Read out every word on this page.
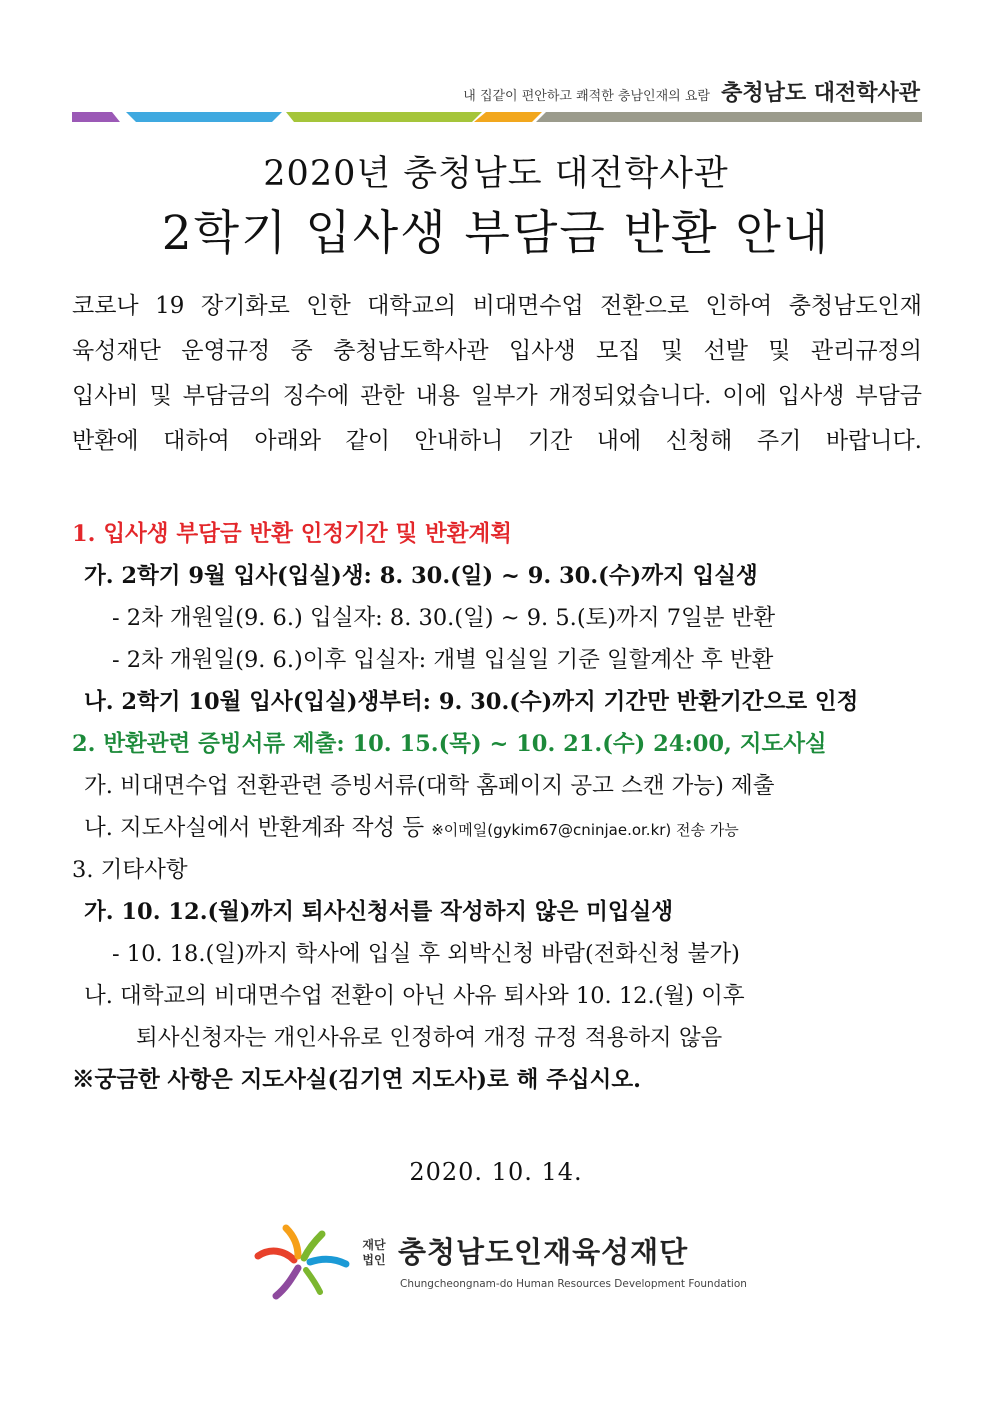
내 집같이 편안하고 쾌적한 충남인재의 요람 충청남도 대전학사관
2020년 충청남도 대전학사관
2학기 입사생 부담금 반환 안내
코로나 19 장기화로 인한 대학교의 비대면수업 전환으로 인하여 충청남도인재
육성재단 운영규정 중 충청남도학사관 입사생 모집 및 선발 및 관리규정의
입사비 및 부담금의 징수에 관한 내용 일부가 개정되었습니다. 이에 입사생 부담금
반환에 대하여 아래와 같이 안내하니 기간 내에 신청해 주기 바랍니다.
1. 입사생 부담금 반환 인정기간 및 반환계획
가. 2학기 9월 입사(입실)생: 8. 30.(일) ~ 9. 30.(수)까지 입실생
- 2차 개원일(9. 6.) 입실자: 8. 30.(일) ~ 9. 5.(토)까지 7일분 반환
- 2차 개원일(9. 6.)이후 입실자: 개별 입실일 기준 일할계산 후 반환
나. 2학기 10월 입사(입실)생부터: 9. 30.(수)까지 기간만 반환기간으로 인정
2. 반환관련 증빙서류 제출: 10. 15.(목) ~ 10. 21.(수) 24:00, 지도사실
가. 비대면수업 전환관련 증빙서류(대학 홈페이지 공고 스캔 가능) 제출
나. 지도사실에서 반환계좌 작성 등 ※이메일(gykim67@cninjae.or.kr) 전송 가능
3. 기타사항
가. 10. 12.(월)까지 퇴사신청서를 작성하지 않은 미입실생
- 10. 18.(일)까지 학사에 입실 후 외박신청 바람(전화신청 불가)
나. 대학교의 비대면수업 전환이 아닌 사유 퇴사와 10. 12.(월) 이후
퇴사신청자는 개인사유로 인정하여 개정 규정 적용하지 않음
※궁금한 사항은 지도사실(김기연 지도사)로 해 주십시오.
2020. 10. 14.
재단
법인 충청남도인재육성재단
Chungcheongnam-do Human Resources Development Foundation
